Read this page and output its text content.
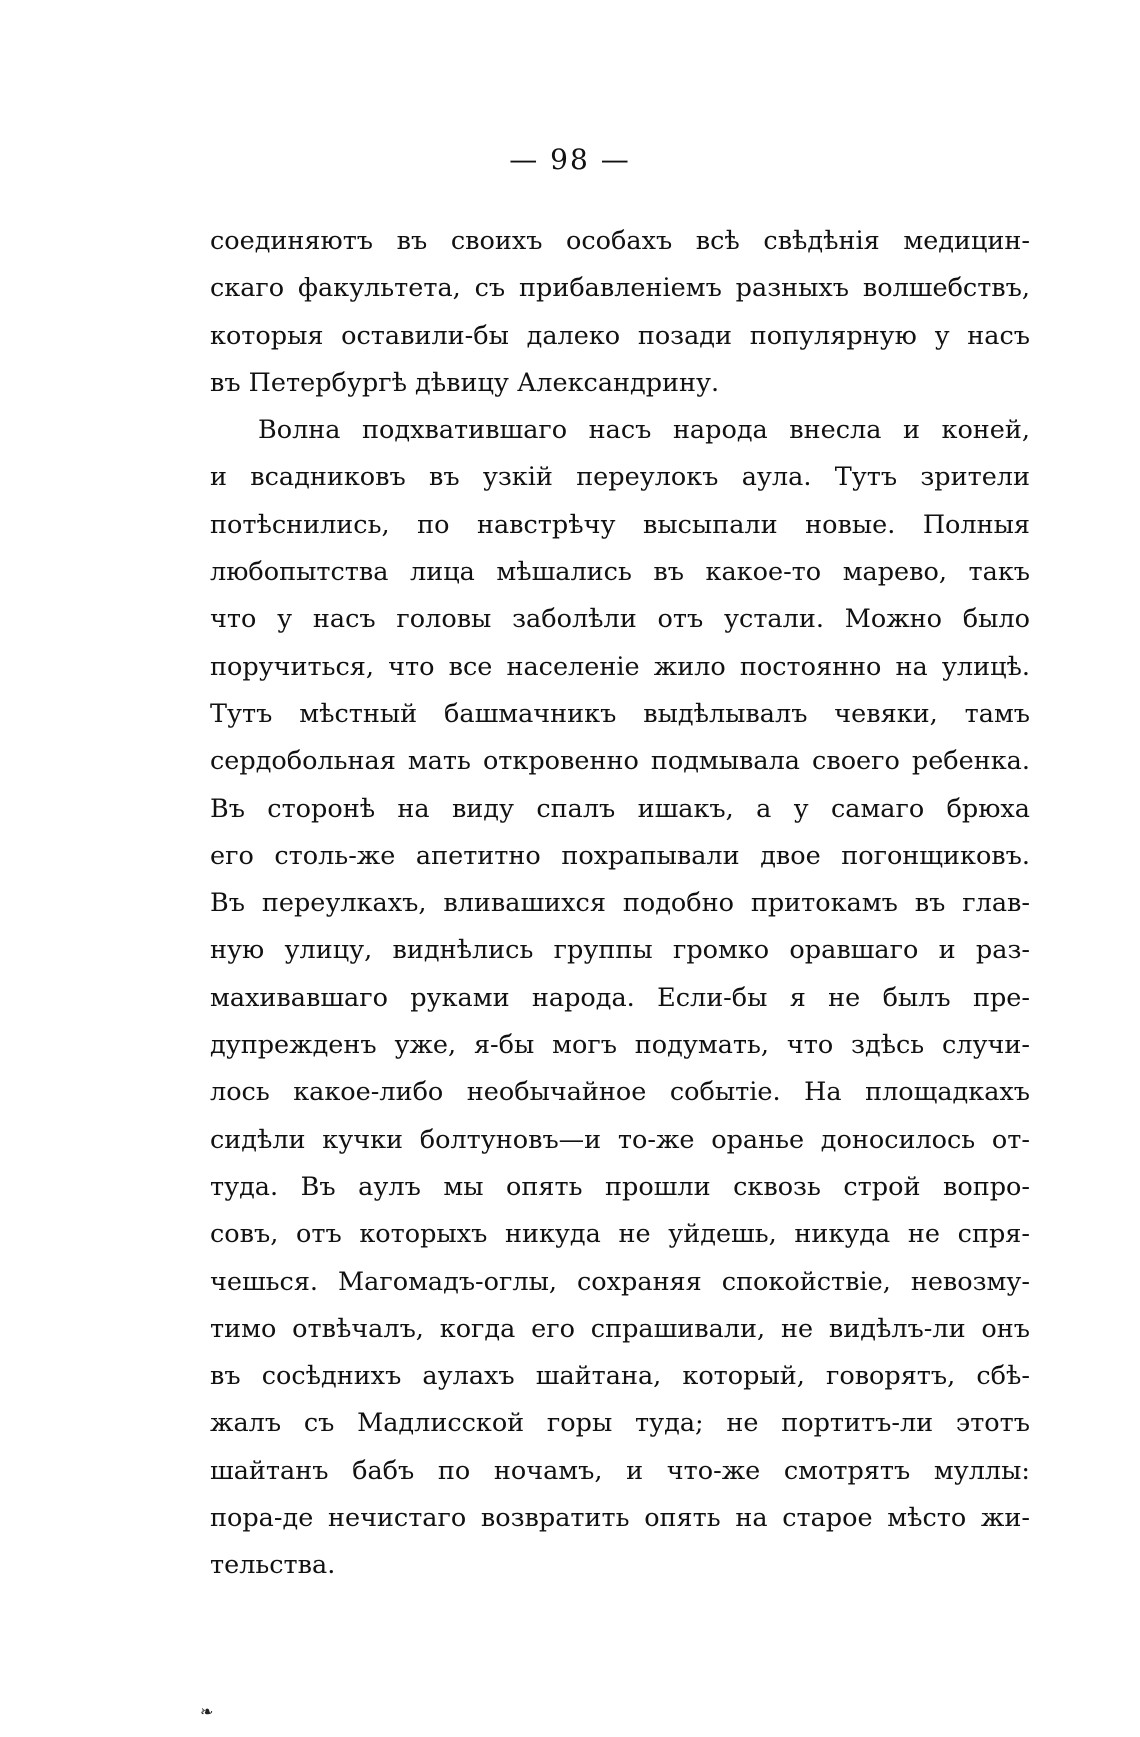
— 98 —

соединяютъ въ своихъ особахъ всѣ свѣдѣнія медицин-
скаго факультета, съ прибавленіемъ разныхъ волшебствъ,
которыя оставили-бы далеко позади популярную у насъ
въ Петербургѣ дѣвицу Александрину.

Волна подхватившаго насъ народа внесла и коней,
и всадниковъ въ узкій переулокъ аула. Тутъ зрители
потѣснились, по навстрѣчу высыпали новые. Полныя
любопытства лица мѣшались въ какое-то марево, такъ
что у насъ головы заболѣли отъ устали. Можно было
поручиться, что все населеніе жило постоянно на улицѣ.
Тутъ мѣстный башмачникъ выдѣлывалъ чевяки, тамъ
сердобольная мать откровенно подмывала своего ребенка.
Въ сторонѣ на виду спалъ ишакъ, а у самаго брюха
его столь-же апетитно похрапывали двое погонщиковъ.
Въ переулкахъ, вливашихся подобно притокамъ въ глав-
ную улицу, виднѣлись группы громко оравшаго и раз-
махивавшаго руками народа. Если-бы я не былъ пре-
дупрежденъ уже, я-бы могъ подумать, что здѣсь случи-
лось какое-либо необычайное событіе. На площадкахъ
сидѣли кучки болтуновъ—и то-же оранье доносилось от-
туда. Въ аулъ мы опять прошли сквозь строй вопро-
совъ, отъ которыхъ никуда не уйдешь, никуда не спря-
чешься. Магомадъ-оглы, сохраняя спокойствіе, невозму-
тимо отвѣчалъ, когда его спрашивали, не видѣлъ-ли онъ
въ сосѣднихъ аулахъ шайтана, который, говорятъ, сбѣ-
жалъ съ Мадлисской горы туда; не портитъ-ли этотъ
шайтанъ бабъ по ночамъ, и что-же смотрятъ муллы:
пора-де нечистаго возвратить опять на старое мѣсто жи-
тельства.

❧
